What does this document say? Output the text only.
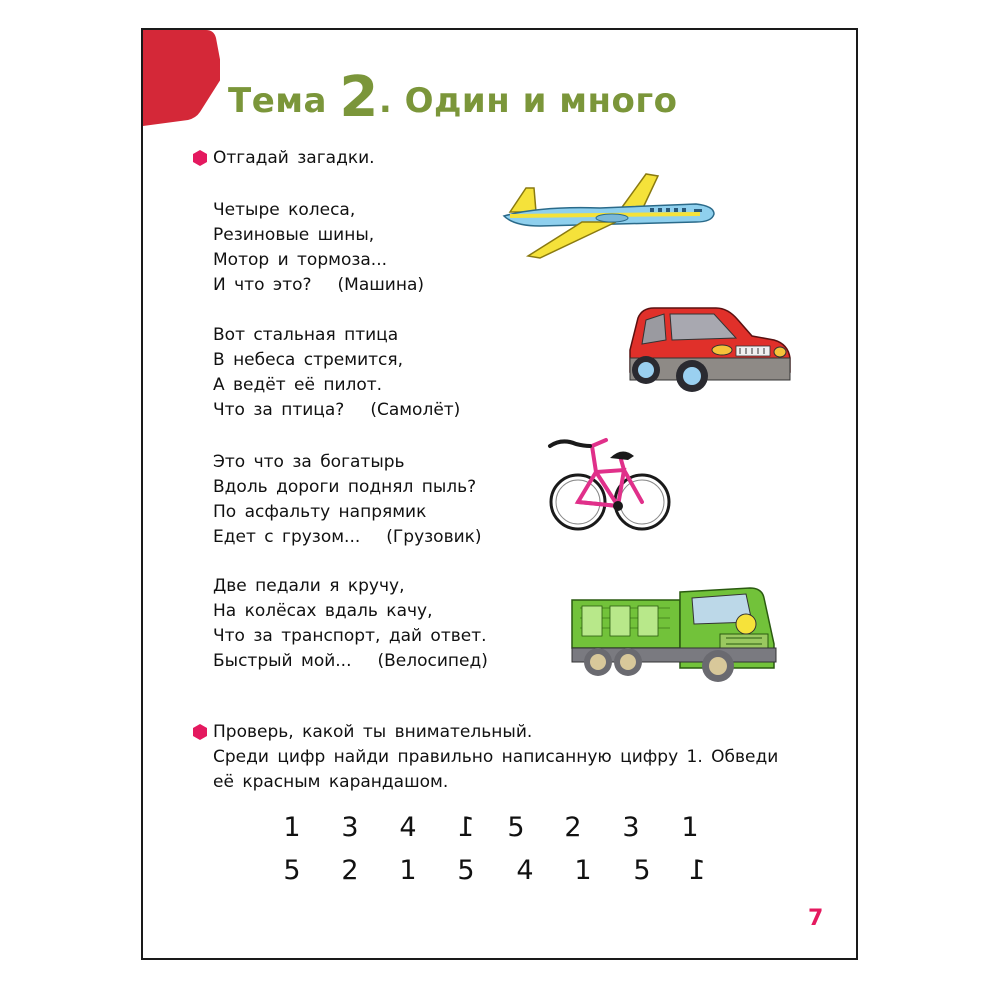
Тема 2. Один и много
Отгадай загадки.
Четыре колеса,
Резиновые шины,
Мотор и тормоза...
И что это? (Машина)
Вот стальная птица
В небеса стремится,
А ведёт её пилот.
Что за птица? (Самолёт)
Это что за богатырь
Вдоль дороги поднял пыль?
По асфальту напрямик
Едет с грузом... (Грузовик)
Две педали я кручу,
На колёсах вдаль качу,
Что за транспорт, дай ответ.
Быстрый мой... (Велосипед)
Проверь, какой ты внимательный.
Среди цифр найди правильно написанную цифру 1. Обведи
её красным карандашом.
1 3 4 1 5 2 3 1
5 2 1 5 4 1 5 1
7
